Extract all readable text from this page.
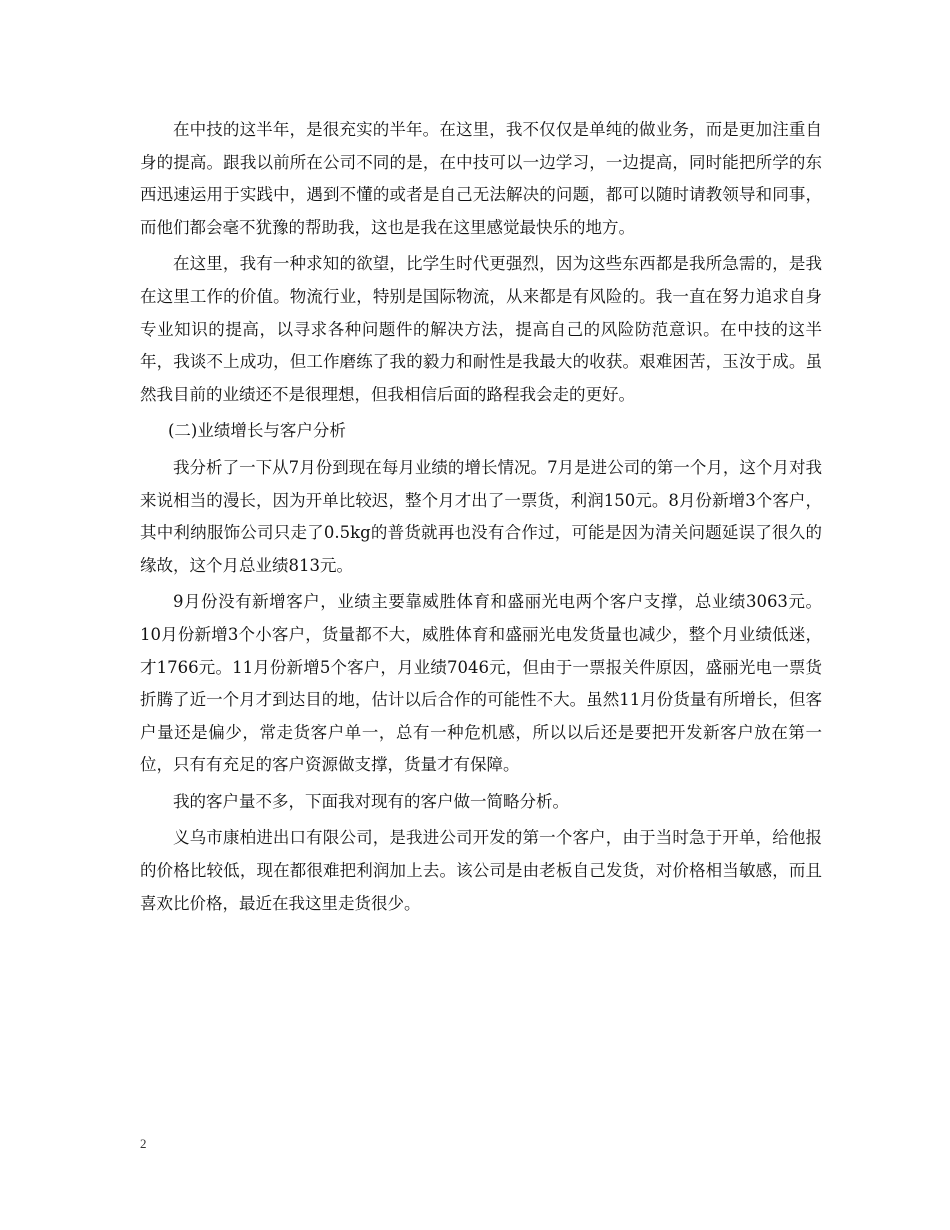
在中技的这半年，是很充实的半年。在这里，我不仅仅是单纯的做业务，而是更加注重自身的提高。跟我以前所在公司不同的是，在中技可以一边学习，一边提高，同时能把所学的东西迅速运用于实践中，遇到不懂的或者是自己无法解决的问题，都可以随时请教领导和同事，而他们都会毫不犹豫的帮助我，这也是我在这里感觉最快乐的地方。

在这里，我有一种求知的欲望，比学生时代更强烈，因为这些东西都是我所急需的，是我在这里工作的价值。物流行业，特别是国际物流，从来都是有风险的。我一直在努力追求自身专业知识的提高，以寻求各种问题件的解决方法，提高自己的风险防范意识。在中技的这半年，我谈不上成功，但工作磨练了我的毅力和耐性是我最大的收获。艰难困苦，玉汝于成。虽然我目前的业绩还不是很理想，但我相信后面的路程我会走的更好。

(二)业绩增长与客户分析

我分析了一下从7月份到现在每月业绩的增长情况。7月是进公司的第一个月，这个月对我来说相当的漫长，因为开单比较迟，整个月才出了一票货，利润150元。8月份新增3个客户，其中利纳服饰公司只走了0.5kg的普货就再也没有合作过，可能是因为清关问题延误了很久的缘故，这个月总业绩813元。

9月份没有新增客户，业绩主要靠威胜体育和盛丽光电两个客户支撑，总业绩3063元。10月份新增3个小客户，货量都不大，威胜体育和盛丽光电发货量也减少，整个月业绩低迷，才1766元。11月份新增5个客户，月业绩7046元，但由于一票报关件原因，盛丽光电一票货折腾了近一个月才到达目的地，估计以后合作的可能性不大。虽然11月份货量有所增长，但客户量还是偏少，常走货客户单一，总有一种危机感，所以以后还是要把开发新客户放在第一位，只有有充足的客户资源做支撑，货量才有保障。

我的客户量不多，下面我对现有的客户做一简略分析。

义乌市康柏进出口有限公司，是我进公司开发的第一个客户，由于当时急于开单，给他报的价格比较低，现在都很难把利润加上去。该公司是由老板自己发货，对价格相当敏感，而且喜欢比价格，最近在我这里走货很少。

2
